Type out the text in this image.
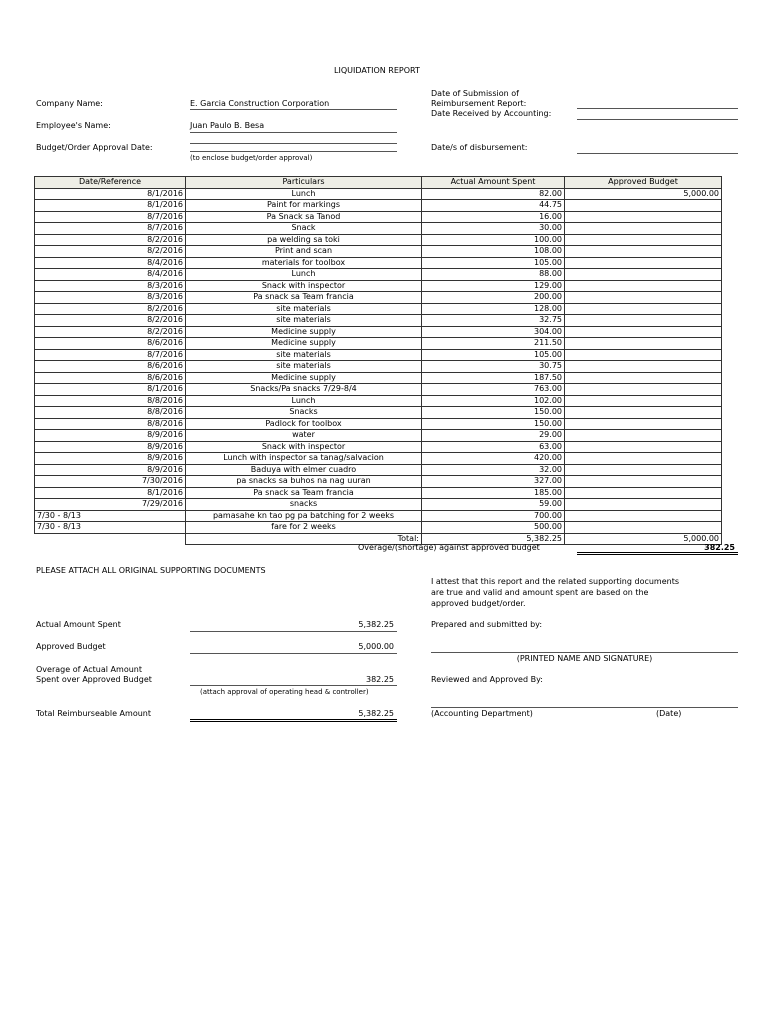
LIQUIDATION REPORT
Company Name:	E. Garcia Construction Corporation
Employee's Name:	Juan Paulo B. Besa
Budget/Order Approval Date:
(to enclose budget/order approval)
Date of Submission of
Reimbursement Report:
Date Received by Accounting:
Date/s of disbursement:
Date/Reference	Particulars	Actual Amount Spent	Approved Budget
8/1/2016	Lunch	82.00	5,000.00
8/1/2016	Paint for markings	44.75	
8/7/2016	Pa Snack sa Tanod	16.00	
8/7/2016	Snack	30.00	
8/2/2016	pa welding sa toki	100.00	
8/2/2016	Print and scan	108.00	
8/4/2016	materials for toolbox	105.00	
8/4/2016	Lunch	88.00	
8/3/2016	Snack with inspector	129.00	
8/3/2016	Pa snack sa Team francia	200.00	
8/2/2016	site materials	128.00	
8/2/2016	site materials	32.75	
8/2/2016	Medicine supply	304.00	
8/6/2016	Medicine supply	211.50	
8/7/2016	site materials	105.00	
8/6/2016	site materials	30.75	
8/6/2016	Medicine supply	187.50	
8/1/2016	Snacks/Pa snacks 7/29-8/4	763.00	
8/8/2016	Lunch	102.00	
8/8/2016	Snacks	150.00	
8/8/2016	Padlock for toolbox	150.00	
8/9/2016	water	29.00	
8/9/2016	Snack with inspector	63.00	
8/9/2016	Lunch with inspector sa tanag/salvacion	420.00	
8/9/2016	Baduya with elmer cuadro	32.00	
7/30/2016	pa snacks sa buhos na nag uuran	327.00	
8/1/2016	Pa snack sa Team francia	185.00	
7/29/2016	snacks	59.00	
7/30 - 8/13	pamasahe kn tao pg pa batching for 2 weeks	700.00	
7/30 - 8/13	fare for 2 weeks	500.00	
	Total:	5,382.25	5,000.00
Overage/(shortage) against approved budget	382.25
PLEASE ATTACH ALL ORIGINAL SUPPORTING DOCUMENTS
Actual Amount Spent	5,382.25
Approved Budget	5,000.00
Overage of Actual Amount
Spent over Approved Budget	382.25
(attach approval of operating head & controller)
Total Reimburseable Amount	5,382.25
I attest that this report and the related supporting documents
are true and valid and amount spent are based on the
approved budget/order.
Prepared and submitted by:
(PRINTED NAME AND SIGNATURE)
Reviewed and Approved By:
(Accounting Department)	(Date)
